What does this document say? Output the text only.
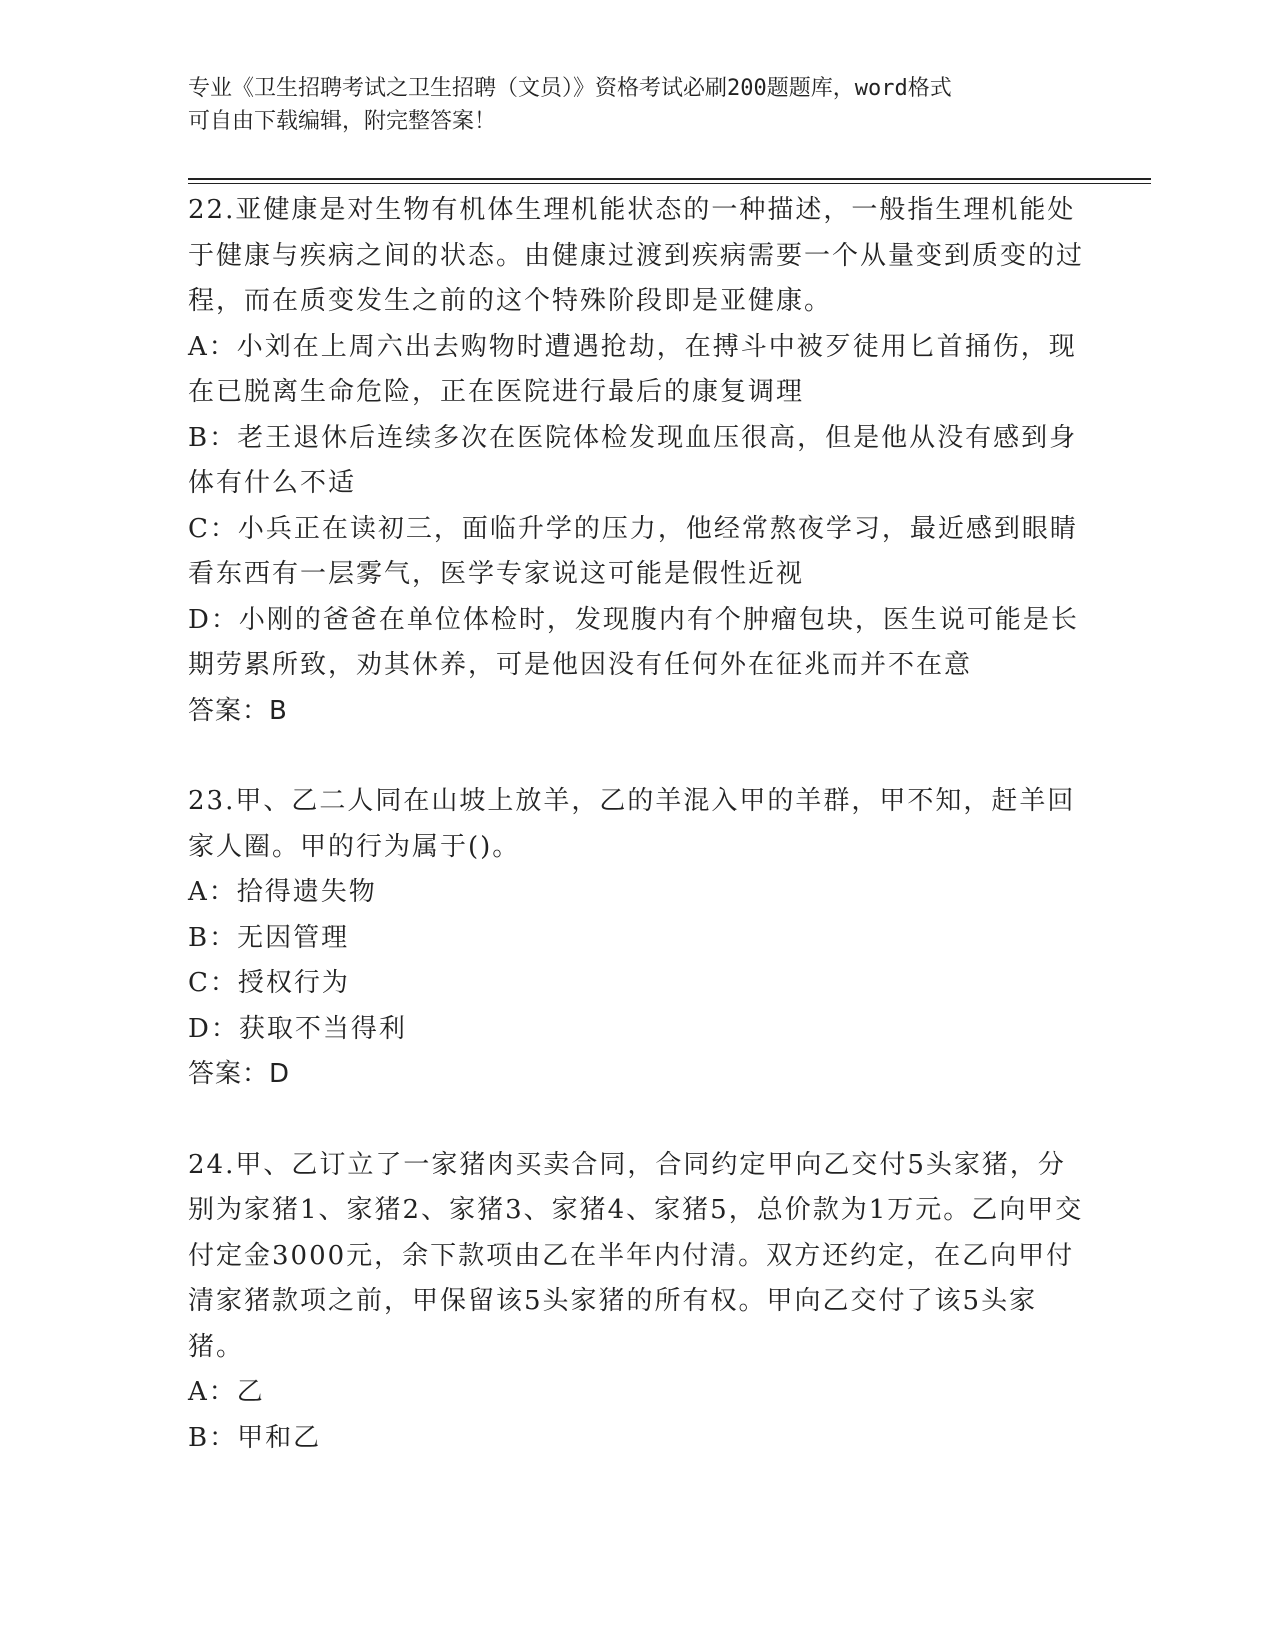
专业《卫生招聘考试之卫生招聘（文员）》资格考试必刷200题题库，word格式
可自由下载编辑，附完整答案！

22.亚健康是对生物有机体生理机能状态的一种描述，一般指生理机能处于健康与疾病之间的状态。由健康过渡到疾病需要一个从量变到质变的过程，而在质变发生之前的这个特殊阶段即是亚健康。

A：小刘在上周六出去购物时遭遇抢劫，在搏斗中被歹徒用匕首捅伤，现在已脱离生命危险，正在医院进行最后的康复调理

B：老王退休后连续多次在医院体检发现血压很高，但是他从没有感到身体有什么不适

C：小兵正在读初三，面临升学的压力，他经常熬夜学习，最近感到眼睛看东西有一层雾气，医学专家说这可能是假性近视

D：小刚的爸爸在单位体检时，发现腹内有个肿瘤包块，医生说可能是长期劳累所致，劝其休养，可是他因没有任何外在征兆而并不在意

答案：B

23.甲、乙二人同在山坡上放羊，乙的羊混入甲的羊群，甲不知，赶羊回家人圈。甲的行为属于()。

A：拾得遗失物

B：无因管理

C：授权行为

D：获取不当得利

答案：D

24.甲、乙订立了一家猪肉买卖合同，合同约定甲向乙交付5头家猪，分别为家猪1、家猪2、家猪3、家猪4、家猪5，总价款为1万元。乙向甲交付定金3000元，余下款项由乙在半年内付清。双方还约定，在乙向甲付清家猪款项之前，甲保留该5头家猪的所有权。甲向乙交付了该5头家猪。

A：乙

B：甲和乙
